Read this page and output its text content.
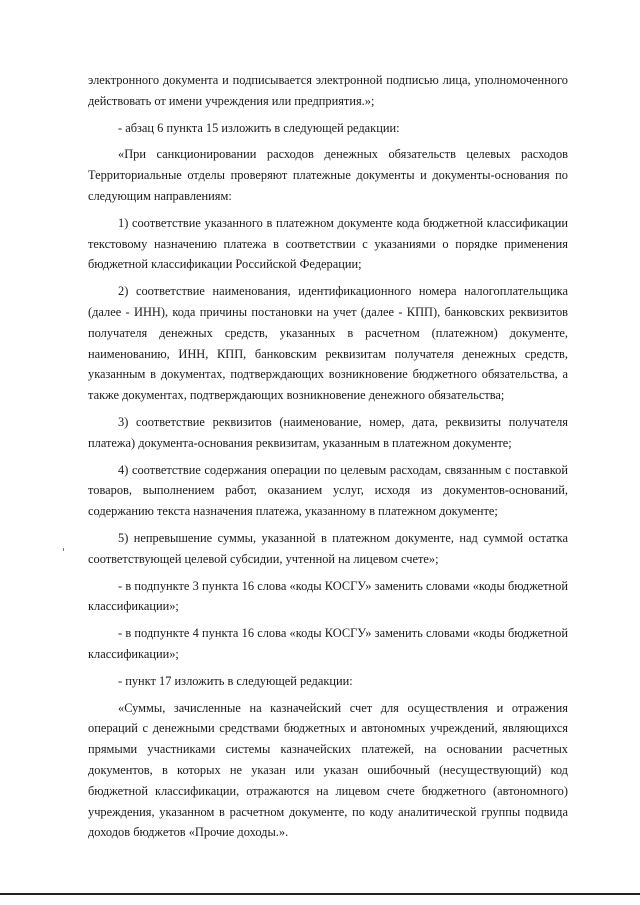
электронного документа и подписывается электронной подписью лица, уполномоченного действовать от имени учреждения или предприятия.»;

- абзац 6 пункта 15 изложить в следующей редакции:

«При санкционировании расходов денежных обязательств целевых расходов Территориальные отделы проверяют платежные документы и документы-основания по следующим направлениям:

1) соответствие указанного в платежном документе кода бюджетной классификации текстовому назначению платежа в соответствии с указаниями о порядке применения бюджетной классификации Российской Федерации;

2) соответствие наименования, идентификационного номера налогоплательщика (далее - ИНН), кода причины постановки на учет (далее - КПП), банковских реквизитов получателя денежных средств, указанных в расчетном (платежном) документе, наименованию, ИНН, КПП, банковским реквизитам получателя денежных средств, указанным в документах, подтверждающих возникновение бюджетного обязательства, а также документах, подтверждающих возникновение денежного обязательства;

3) соответствие реквизитов (наименование, номер, дата, реквизиты получателя платежа) документа-основания реквизитам, указанным в платежном документе;

4) соответствие содержания операции по целевым расходам, связанным с поставкой товаров, выполнением работ, оказанием услуг, исходя из документов-оснований, содержанию текста назначения платежа, указанному в платежном документе;

5) непревышение суммы, указанной в платежном документе, над суммой остатка соответствующей целевой субсидии, учтенной на лицевом счете»;

- в подпункте 3 пункта 16 слова «коды КОСГУ» заменить словами «коды бюджетной классификации»;

- в подпункте 4 пункта 16 слова «коды КОСГУ» заменить словами «коды бюджетной классификации»;

- пункт 17 изложить в следующей редакции:

«Суммы, зачисленные на казначейский счет для осуществления и отражения операций с денежными средствами бюджетных и автономных учреждений, являющихся прямыми участниками системы казначейских платежей, на основании расчетных документов, в которых не указан или указан ошибочный (несуществующий) код бюджетной классификации, отражаются на лицевом счете бюджетного (автономного) учреждения, указанном в расчетном документе, по коду аналитической группы подвида доходов бюджетов «Прочие доходы.».
